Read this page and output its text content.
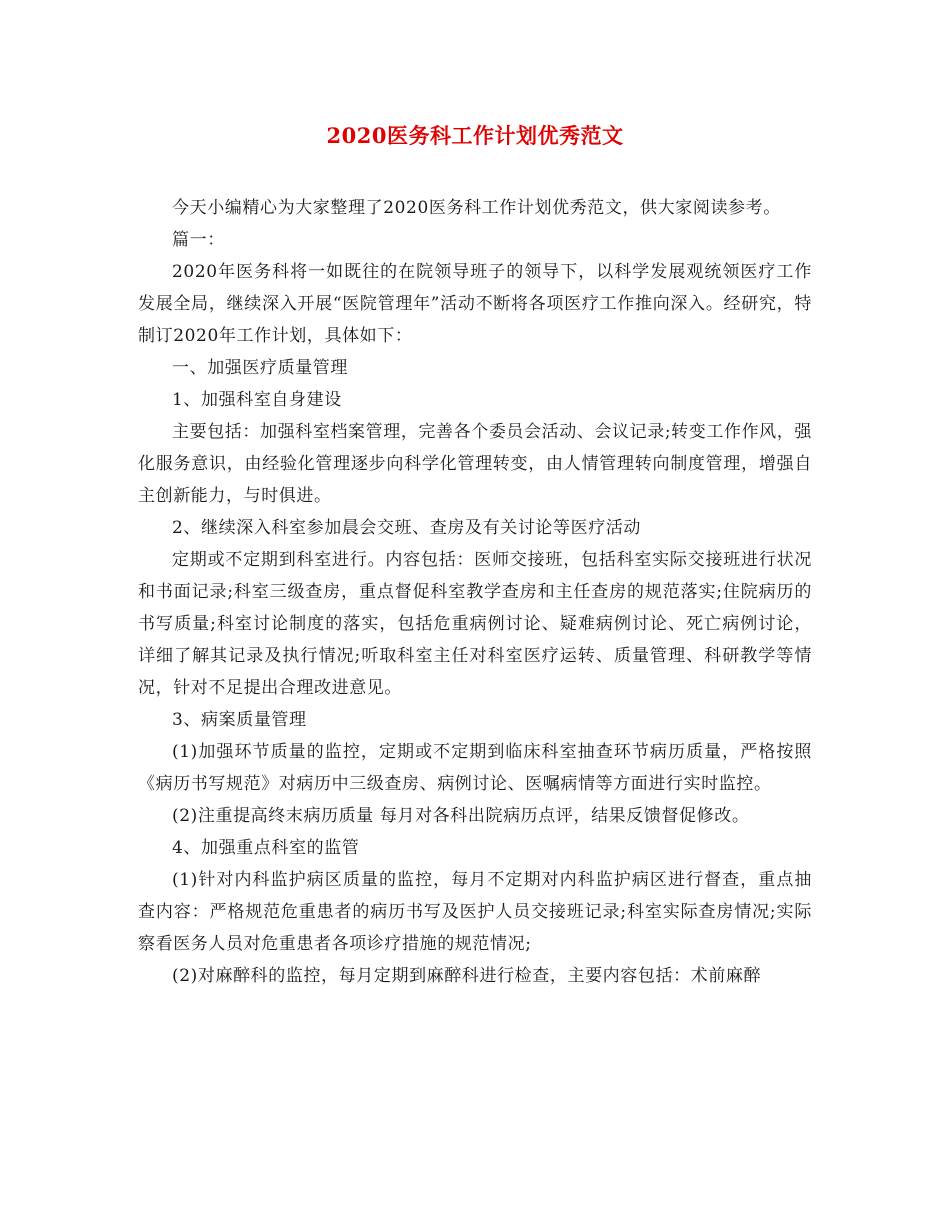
2020医务科工作计划优秀范文

今天小编精心为大家整理了2020医务科工作计划优秀范文，供大家阅读参考。

篇一：

2020年医务科将一如既往的在院领导班子的领导下，以科学发展观统领医疗工作发展全局，继续深入开展“医院管理年”活动不断将各项医疗工作推向深入。经研究，特制订2020年工作计划，具体如下：

一、加强医疗质量管理

1、加强科室自身建设

主要包括：加强科室档案管理，完善各个委员会活动、会议记录;转变工作作风，强化服务意识，由经验化管理逐步向科学化管理转变，由人情管理转向制度管理，增强自主创新能力，与时俱进。

2、继续深入科室参加晨会交班、查房及有关讨论等医疗活动

定期或不定期到科室进行。内容包括：医师交接班，包括科室实际交接班进行状况和书面记录;科室三级查房，重点督促科室教学查房和主任查房的规范落实;住院病历的书写质量;科室讨论制度的落实，包括危重病例讨论、疑难病例讨论、死亡病例讨论，详细了解其记录及执行情况;听取科室主任对科室医疗运转、质量管理、科研教学等情况，针对不足提出合理改进意见。

3、病案质量管理

(1)加强环节质量的监控，定期或不定期到临床科室抽查环节病历质量，严格按照《病历书写规范》对病历中三级查房、病例讨论、医嘱病情等方面进行实时监控。

(2)注重提高终末病历质量 每月对各科出院病历点评，结果反馈督促修改。

4、加强重点科室的监管

(1)针对内科监护病区质量的监控，每月不定期对内科监护病区进行督查，重点抽查内容：严格规范危重患者的病历书写及医护人员交接班记录;科室实际查房情况;实际察看医务人员对危重患者各项诊疗措施的规范情况;

(2)对麻醉科的监控，每月定期到麻醉科进行检查，主要内容包括：术前麻醉
